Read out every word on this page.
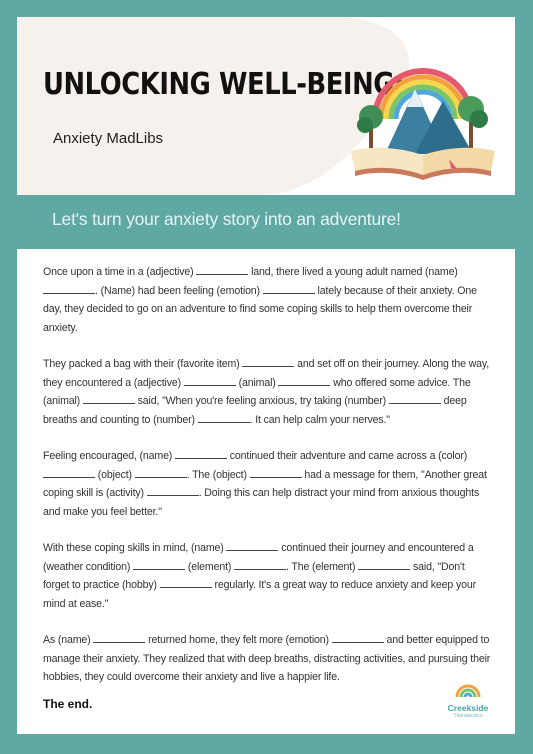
UNLOCKING WELL-BEING:
Anxiety MadLibs
Let's turn your anxiety story into an adventure!

Once upon a time in a (adjective)	land, there lived a young adult named (name) . (Name) had been feeling (emotion)	lately because of their anxiety. One day, they decided to go on an adventure to find some coping skills to help them overcome their anxiety.

They packed a bag with their (favorite item)	and set off on their journey. Along the way, they encountered a (adjective)	(animal)	who offered some advice. The (animal)	said, "When you're feeling anxious, try taking (number)	deep breaths and counting to (number)	. It can help calm your nerves."

Feeling encouraged, (name)	continued their adventure and came across a (color)  (object)	. The (object)	had a message for them, "Another great coping skill is (activity)	. Doing this can help distract your mind from anxious thoughts and make you feel better."

With these coping skills in mind, (name)	continued their journey and encountered a (weather condition)	(element)	. The (element)	said, "Don't forget to practice (hobby)	regularly. It's a great way to reduce anxiety and keep your mind at ease."

As (name)	returned home, they felt more (emotion)	and better equipped to manage their anxiety. They realized that with deep breaths, distracting activities, and pursuing their hobbies, they could overcome their anxiety and live a happier life.

The end.	Creekside
Therapeutics
